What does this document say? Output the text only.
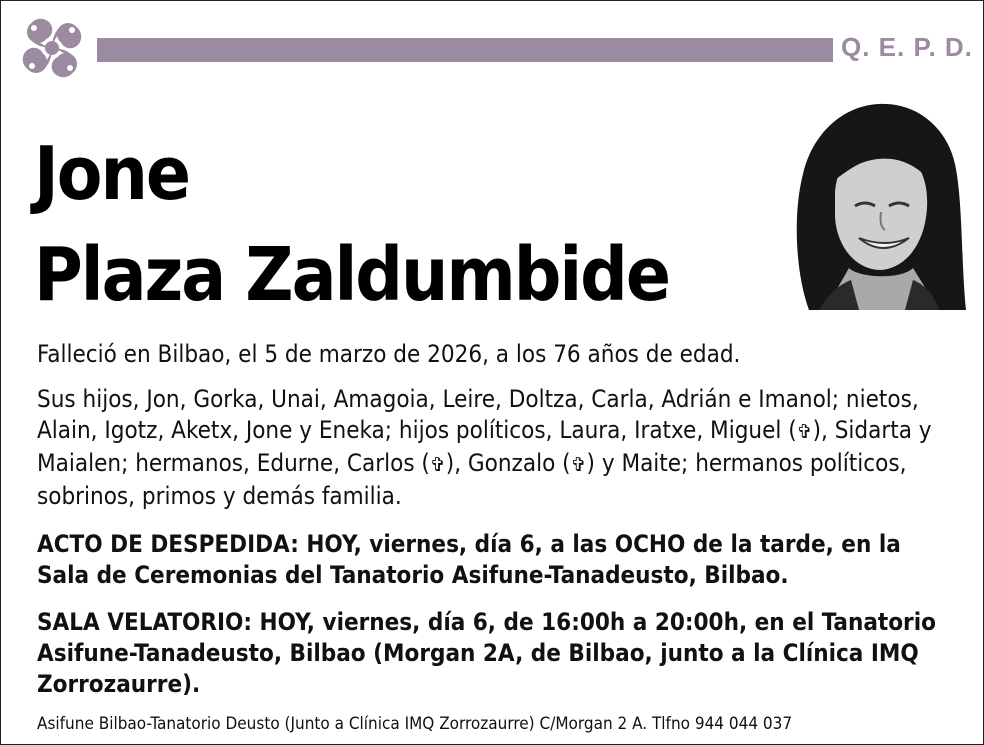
Q. E. P. D.
Jone
Plaza Zaldumbide
Falleció en Bilbao, el 5 de marzo de 2026, a los 76 años de edad.
Sus hijos, Jon, Gorka, Unai, Amagoia, Leire, Doltza, Carla, Adrián e Imanol; nietos, Alain, Igotz, Aketx, Jone y Eneka; hijos políticos, Laura, Iratxe, Miguel (✞), Sidarta y Maialen; hermanos, Edurne, Carlos (✞), Gonzalo (✞) y Maite; hermanos políticos, sobrinos, primos y demás familia.
ACTO DE DESPEDIDA: HOY, viernes, día 6, a las OCHO de la tarde, en la Sala de Ceremonias del Tanatorio Asifune-Tanadeusto, Bilbao.
SALA VELATORIO: HOY, viernes, día 6, de 16:00h a 20:00h, en el Tanatorio Asifune-Tanadeusto, Bilbao (Morgan 2A, de Bilbao, junto a la Clínica IMQ Zorrozaurre).
Asifune Bilbao-Tanatorio Deusto (Junto a Clínica IMQ Zorrozaurre) C/Morgan 2 A. Tlfno 944 044 037
